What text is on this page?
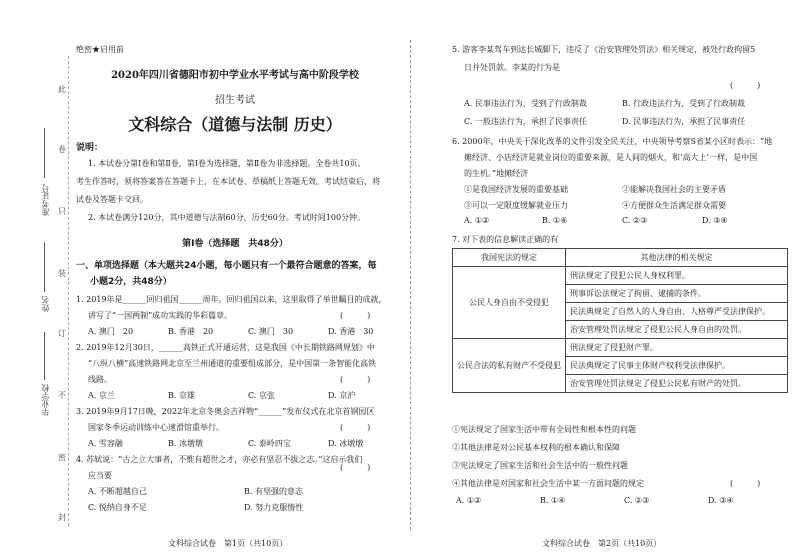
此
卷
只
装
订
不
密
封
准考证号
姓名
毕业学校
绝密★启用前
2020年四川省德阳市初中学业水平考试与高中阶段学校
招生考试
文科综合（道德与法制 历史）
说明：
1. 本试卷分第Ⅰ卷和第Ⅱ卷，第Ⅰ卷为选择题，第Ⅱ卷为非选择题。全卷共10页。
考生作答时，须将答案答在答题卡上，在本试卷、草稿纸上答题无效。考试结束后，将
试卷及答题卡交回。
2. 本试卷满分120分，其中道德与法制60分，历史60分。考试时间100分钟。
第Ⅰ卷（选择题　共48分）
一、单项选择题（本大题共24小题，每小题只有一个最符合题意的答案，每
小题2分，共48分）
1. 2019年是______回归祖国______周年。回归祖国以来，这里取得了举世瞩目的成就，
讲写了“一国两制”成功实践的华彩篇章。	(　　　)
A. 澳门　20	B. 香港　20	C. 澳门　30	D. 香港　30
2. 2019年12月30日，______高铁正式开通运营，这是我国《中长期铁路网规划》中
“八纵八横”高速铁路网北京至兰州通道的重要组成部分，是中国第一条智能化高铁
线路。	(　　　)
A. 京兰	B. 京雄	C. 京张	D. 京沪
3. 2019年9月17日晚，2022年北京冬奥会吉祥物“______”发布仪式在北京首钢园区
国家冬季运动训练中心速滑馆重举行。	(　　　)
A. 雪容融	B. 冰墩墩	C. 泰岭四宝	D. 冰墩墩
4. 苏轼说：“古之立大事者，不惟有超世之才，亦必有坚忍不拔之志。”这启示我们
应当要
(　　　)
A. 不断超越自己	B. 有坚强的意志
C. 悦纳自身不足	D. 努力克服惰性
文科综合试卷　第1页（共10页）
5. 游客李某驾车到达长城脚下，违反了《治安管理处罚法》相关规定，被处行政拘留5
日并处罚款。李某的行为是
(　　　)
A. 民事违法行为，受到了行政制裁	B. 行政违法行为，受到了行政制裁
C. 一般违法行为，承担了民事责任	D. 民事违法行为，承担了民事责任
6. 2000年，中央关于深化改革的文件引发全民关注，中央领导考察S省某小区时表示：“地
摊经济、小店经济是就业岗位的重要来源，是人间的烟火，和‘高大上’一样，是中国
的生机。”地摊经济
①是我国经济发展的重要基础	②能解决我国社会的主要矛盾
③可以一定限度缓解就业压力	④方便群众生活满足群众需要
A. ①②	B. ①④	C. ②③	D. ③④
7. 对下表的信息解读正确的有
我国宪法的规定	其他法律的相关规定
公民人身自由不受侵犯	刑法规定了侵犯公民人身权利罪。
	刑事诉讼法规定了拘留、逮捕的条件。
	民法典规定了自然人的人身自由、人格尊严受法律保护。
	治安管理处罚法规定了侵犯公民人身自由的处罚。
公民合法的私有财产不受侵犯	刑法规定了侵犯财产罪。
	民法典规定了民事主体财产权利受法律保护。
	治安管理处罚法规定了侵犯公民私有财产的处罚。
①宪法规定了国家生活中带有全局性和根本性的问题
②其他法律是对公民基本权利的根本确认和保障
③宪法规定了国家生活和社会生活中的一般性问题
④其他法律是对国家和社会生活中某一方面问题的规定	(　　　)
A. ①②	B. ①④	C. ②③	D. ③④
文科综合试卷　第2页（共10页）
